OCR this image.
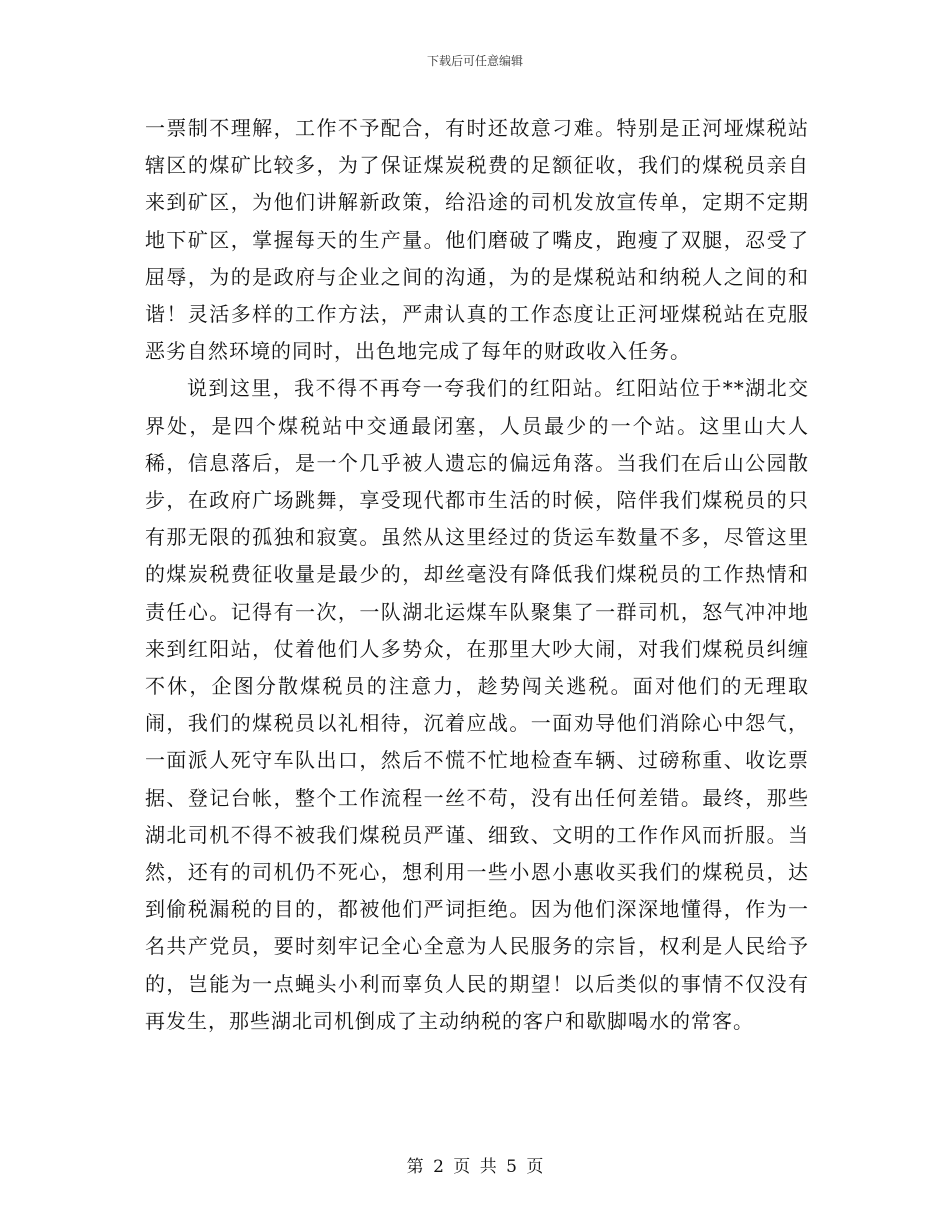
下载后可任意编辑

一票制不理解，工作不予配合，有时还故意刁难。特别是正河垭煤税站辖区的煤矿比较多，为了保证煤炭税费的足额征收，我们的煤税员亲自来到矿区，为他们讲解新政策，给沿途的司机发放宣传单，定期不定期地下矿区，掌握每天的生产量。他们磨破了嘴皮，跑瘦了双腿，忍受了屈辱，为的是政府与企业之间的沟通，为的是煤税站和纳税人之间的和谐！灵活多样的工作方法，严肃认真的工作态度让正河垭煤税站在克服恶劣自然环境的同时，出色地完成了每年的财政收入任务。

说到这里，我不得不再夸一夸我们的红阳站。红阳站位于**湖北交界处，是四个煤税站中交通最闭塞，人员最少的一个站。这里山大人稀，信息落后，是一个几乎被人遗忘的偏远角落。当我们在后山公园散步，在政府广场跳舞，享受现代都市生活的时候，陪伴我们煤税员的只有那无限的孤独和寂寞。虽然从这里经过的货运车数量不多，尽管这里的煤炭税费征收量是最少的，却丝毫没有降低我们煤税员的工作热情和责任心。记得有一次，一队湖北运煤车队聚集了一群司机，怒气冲冲地来到红阳站，仗着他们人多势众，在那里大吵大闹，对我们煤税员纠缠不休，企图分散煤税员的注意力，趁势闯关逃税。面对他们的无理取闹，我们的煤税员以礼相待，沉着应战。一面劝导他们消除心中怨气，一面派人死守车队出口，然后不慌不忙地检查车辆、过磅称重、收讫票据、登记台帐，整个工作流程一丝不苟，没有出任何差错。最终，那些湖北司机不得不被我们煤税员严谨、细致、文明的工作作风而折服。当然，还有的司机仍不死心，想利用一些小恩小惠收买我们的煤税员，达到偷税漏税的目的，都被他们严词拒绝。因为他们深深地懂得，作为一名共产党员，要时刻牢记全心全意为人民服务的宗旨，权利是人民给予的，岂能为一点蝇头小利而辜负人民的期望！以后类似的事情不仅没有再发生，那些湖北司机倒成了主动纳税的客户和歇脚喝水的常客。

第 2 页 共 5 页
